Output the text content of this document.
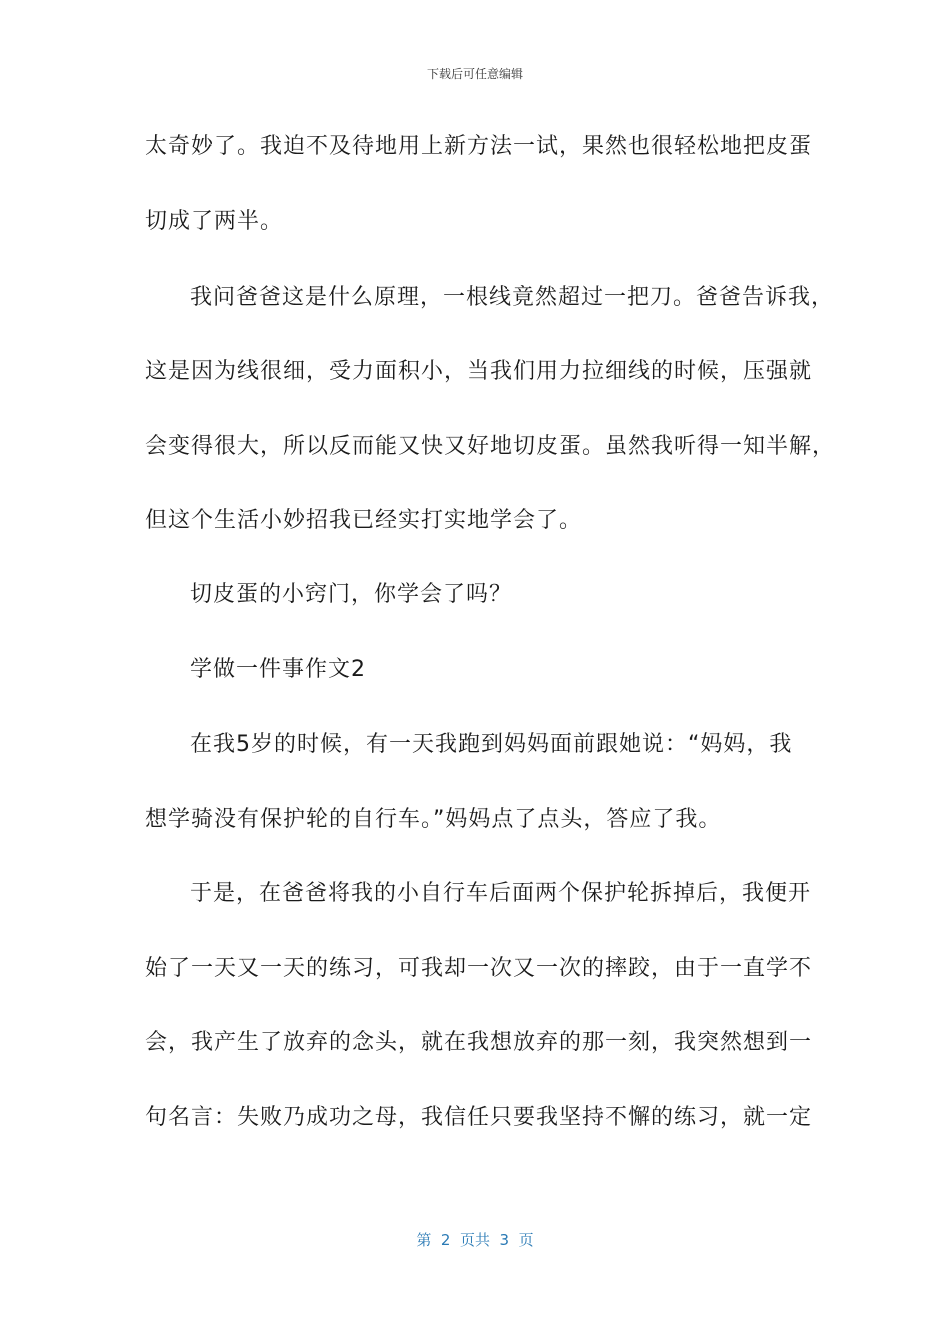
下载后可任意编辑
太奇妙了。我迫不及待地用上新方法一试，果然也很轻松地把皮蛋
切成了两半。
我问爸爸这是什么原理，一根线竟然超过一把刀。爸爸告诉我，
这是因为线很细，受力面积小，当我们用力拉细线的时候，压强就
会变得很大，所以反而能又快又好地切皮蛋。虽然我听得一知半解，
但这个生活小妙招我已经实打实地学会了。
切皮蛋的小窍门，你学会了吗？
学做一件事作文2
在我5岁的时候，有一天我跑到妈妈面前跟她说：“妈妈，我
想学骑没有保护轮的自行车。”妈妈点了点头，答应了我。
于是，在爸爸将我的小自行车后面两个保护轮拆掉后，我便开
始了一天又一天的练习，可我却一次又一次的摔跤，由于一直学不
会，我产生了放弃的念头，就在我想放弃的那一刻，我突然想到一
句名言：失败乃成功之母，我信任只要我坚持不懈的练习，就一定
第  2  页共  3  页
